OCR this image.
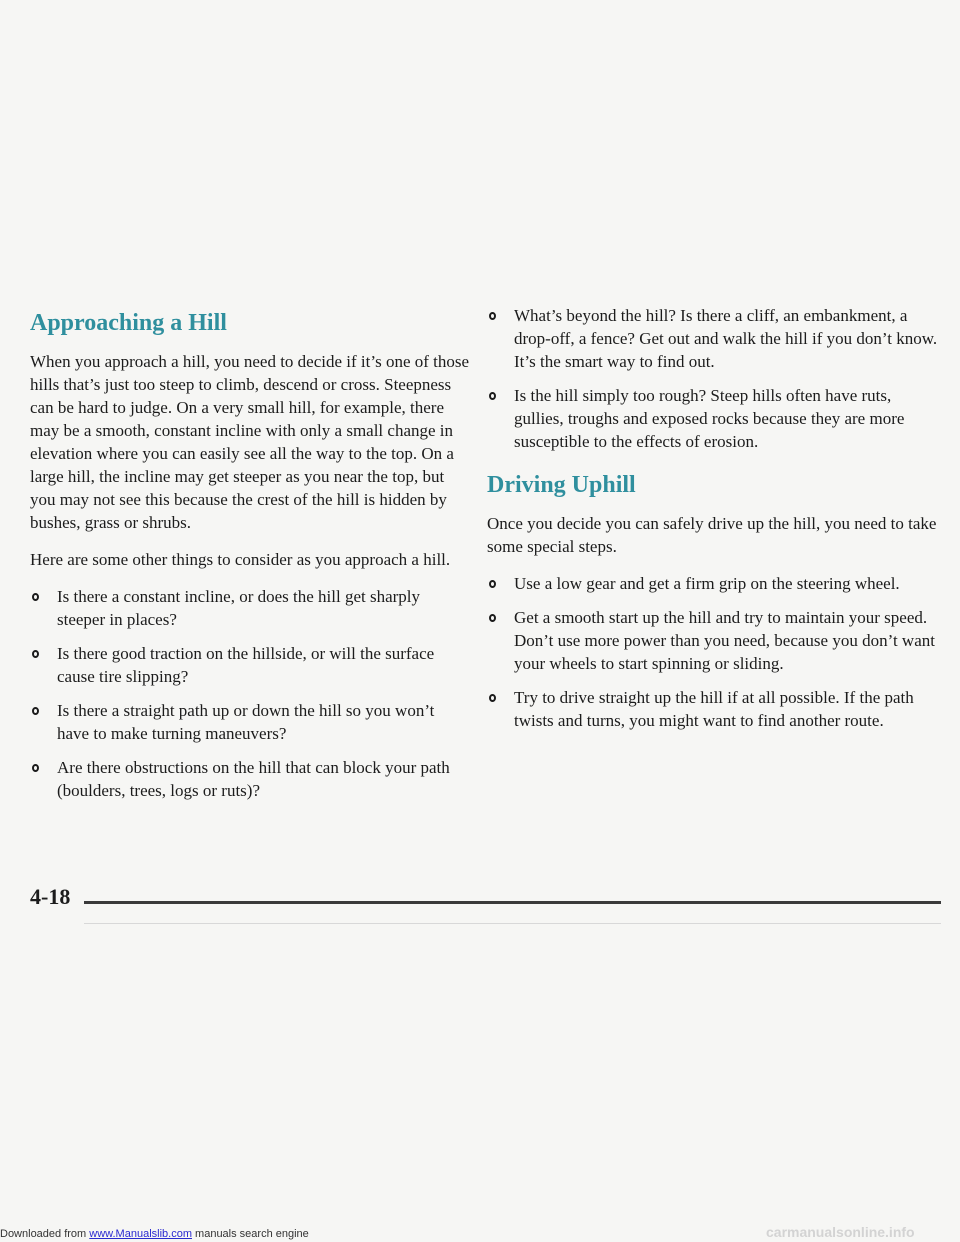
Approaching a Hill

When you approach a hill, you need to decide if it’s one of those hills that’s just too steep to climb, descend or cross. Steepness can be hard to judge. On a very small hill, for example, there may be a smooth, constant incline with only a small change in elevation where you can easily see all the way to the top. On a large hill, the incline may get steeper as you near the top, but you may not see this because the crest of the hill is hidden by bushes, grass or shrubs.

Here are some other things to consider as you approach a hill.

Is there a constant incline, or does the hill get sharply steeper in places?
Is there good traction on the hillside, or will the surface cause tire slipping?
Is there a straight path up or down the hill so you won’t have to make turning maneuvers?
Are there obstructions on the hill that can block your path (boulders, trees, logs or ruts)?
What’s beyond the hill? Is there a cliff, an embankment, a drop-off, a fence? Get out and walk the hill if you don’t know. It’s the smart way to find out.
Is the hill simply too rough? Steep hills often have ruts, gullies, troughs and exposed rocks because they are more susceptible to the effects of erosion.
Driving Uphill

Once you decide you can safely drive up the hill, you need to take some special steps.

Use a low gear and get a firm grip on the steering wheel.
Get a smooth start up the hill and try to maintain your speed. Don’t use more power than you need, because you don’t want your wheels to start spinning or sliding.
Try to drive straight up the hill if at all possible. If the path twists and turns, you might want to find another route.
4-18
Downloaded from www.Manualslib.com manuals search engine	carmanualsonline.info
